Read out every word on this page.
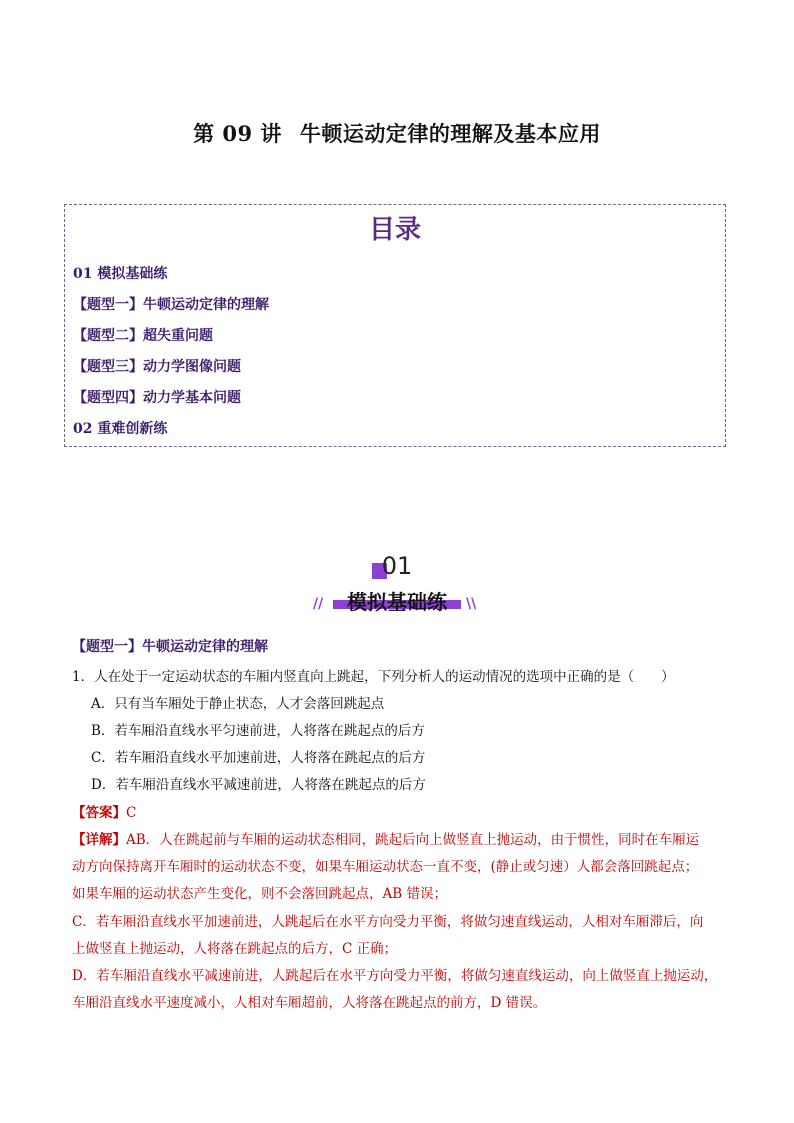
第 09 讲 牛顿运动定律的理解及基本应用
目录
01 模拟基础练
【题型一】牛顿运动定律的理解
【题型二】超失重问题
【题型三】动力学图像问题
【题型四】动力学基本问题
02 重难创新练
01
//	模拟基础练	\\
【题型一】牛顿运动定律的理解
1．人在处于一定运动状态的车厢内竖直向上跳起，下列分析人的运动情况的选项中正确的是（　　）
A．只有当车厢处于静止状态，人才会落回跳起点
B．若车厢沿直线水平匀速前进，人将落在跳起点的后方
C．若车厢沿直线水平加速前进，人将落在跳起点的后方
D．若车厢沿直线水平减速前进，人将落在跳起点的后方
【答案】C
【详解】AB．人在跳起前与车厢的运动状态相同，跳起后向上做竖直上抛运动，由于惯性，同时在车厢运
动方向保持离开车厢时的运动状态不变，如果车厢运动状态一直不变，(静止或匀速）人都会落回跳起点；
如果车厢的运动状态产生变化，则不会落回跳起点，AB 错误；
C．若车厢沿直线水平加速前进，人跳起后在水平方向受力平衡，将做匀速直线运动，人相对车厢滞后，向
上做竖直上抛运动，人将落在跳起点的后方，C 正确；
D．若车厢沿直线水平减速前进，人跳起后在水平方向受力平衡，将做匀速直线运动，向上做竖直上抛运动，
车厢沿直线水平速度减小，人相对车厢超前，人将落在跳起点的前方，D 错误。
